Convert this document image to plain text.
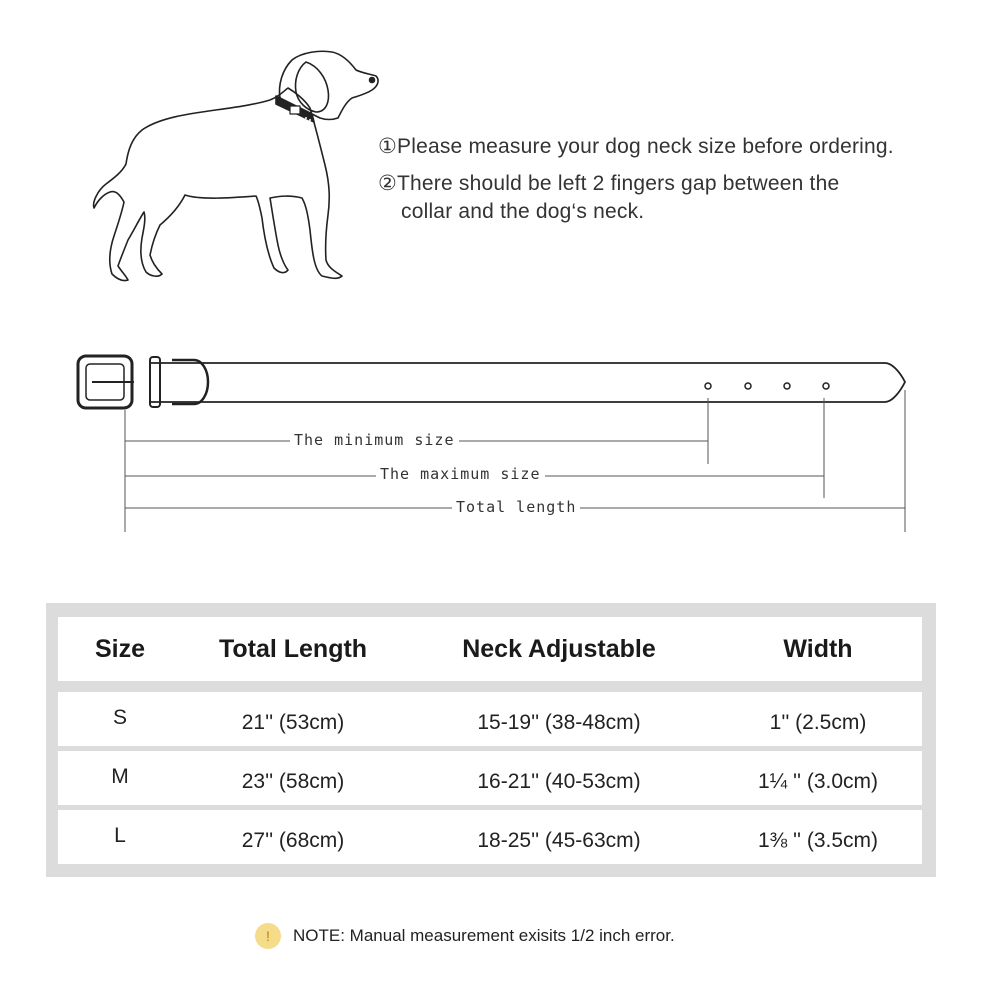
①Please measure your dog neck size before ordering.
②There should be left 2 fingers gap between the
collar and the dog‘s neck.
The minimum size
The maximum size
Total length
Size	Total Length	Neck Adjustable	Width
S	21'' (53cm)	15-19'' (38-48cm)	1'' (2.5cm)
M	23'' (58cm)	16-21'' (40-53cm)	1¼ '' (3.0cm)
L	27'' (68cm)	18-25'' (45-63cm)	1⅜ '' (3.5cm)
!	NOTE: Manual measurement exisits 1/2 inch error.
